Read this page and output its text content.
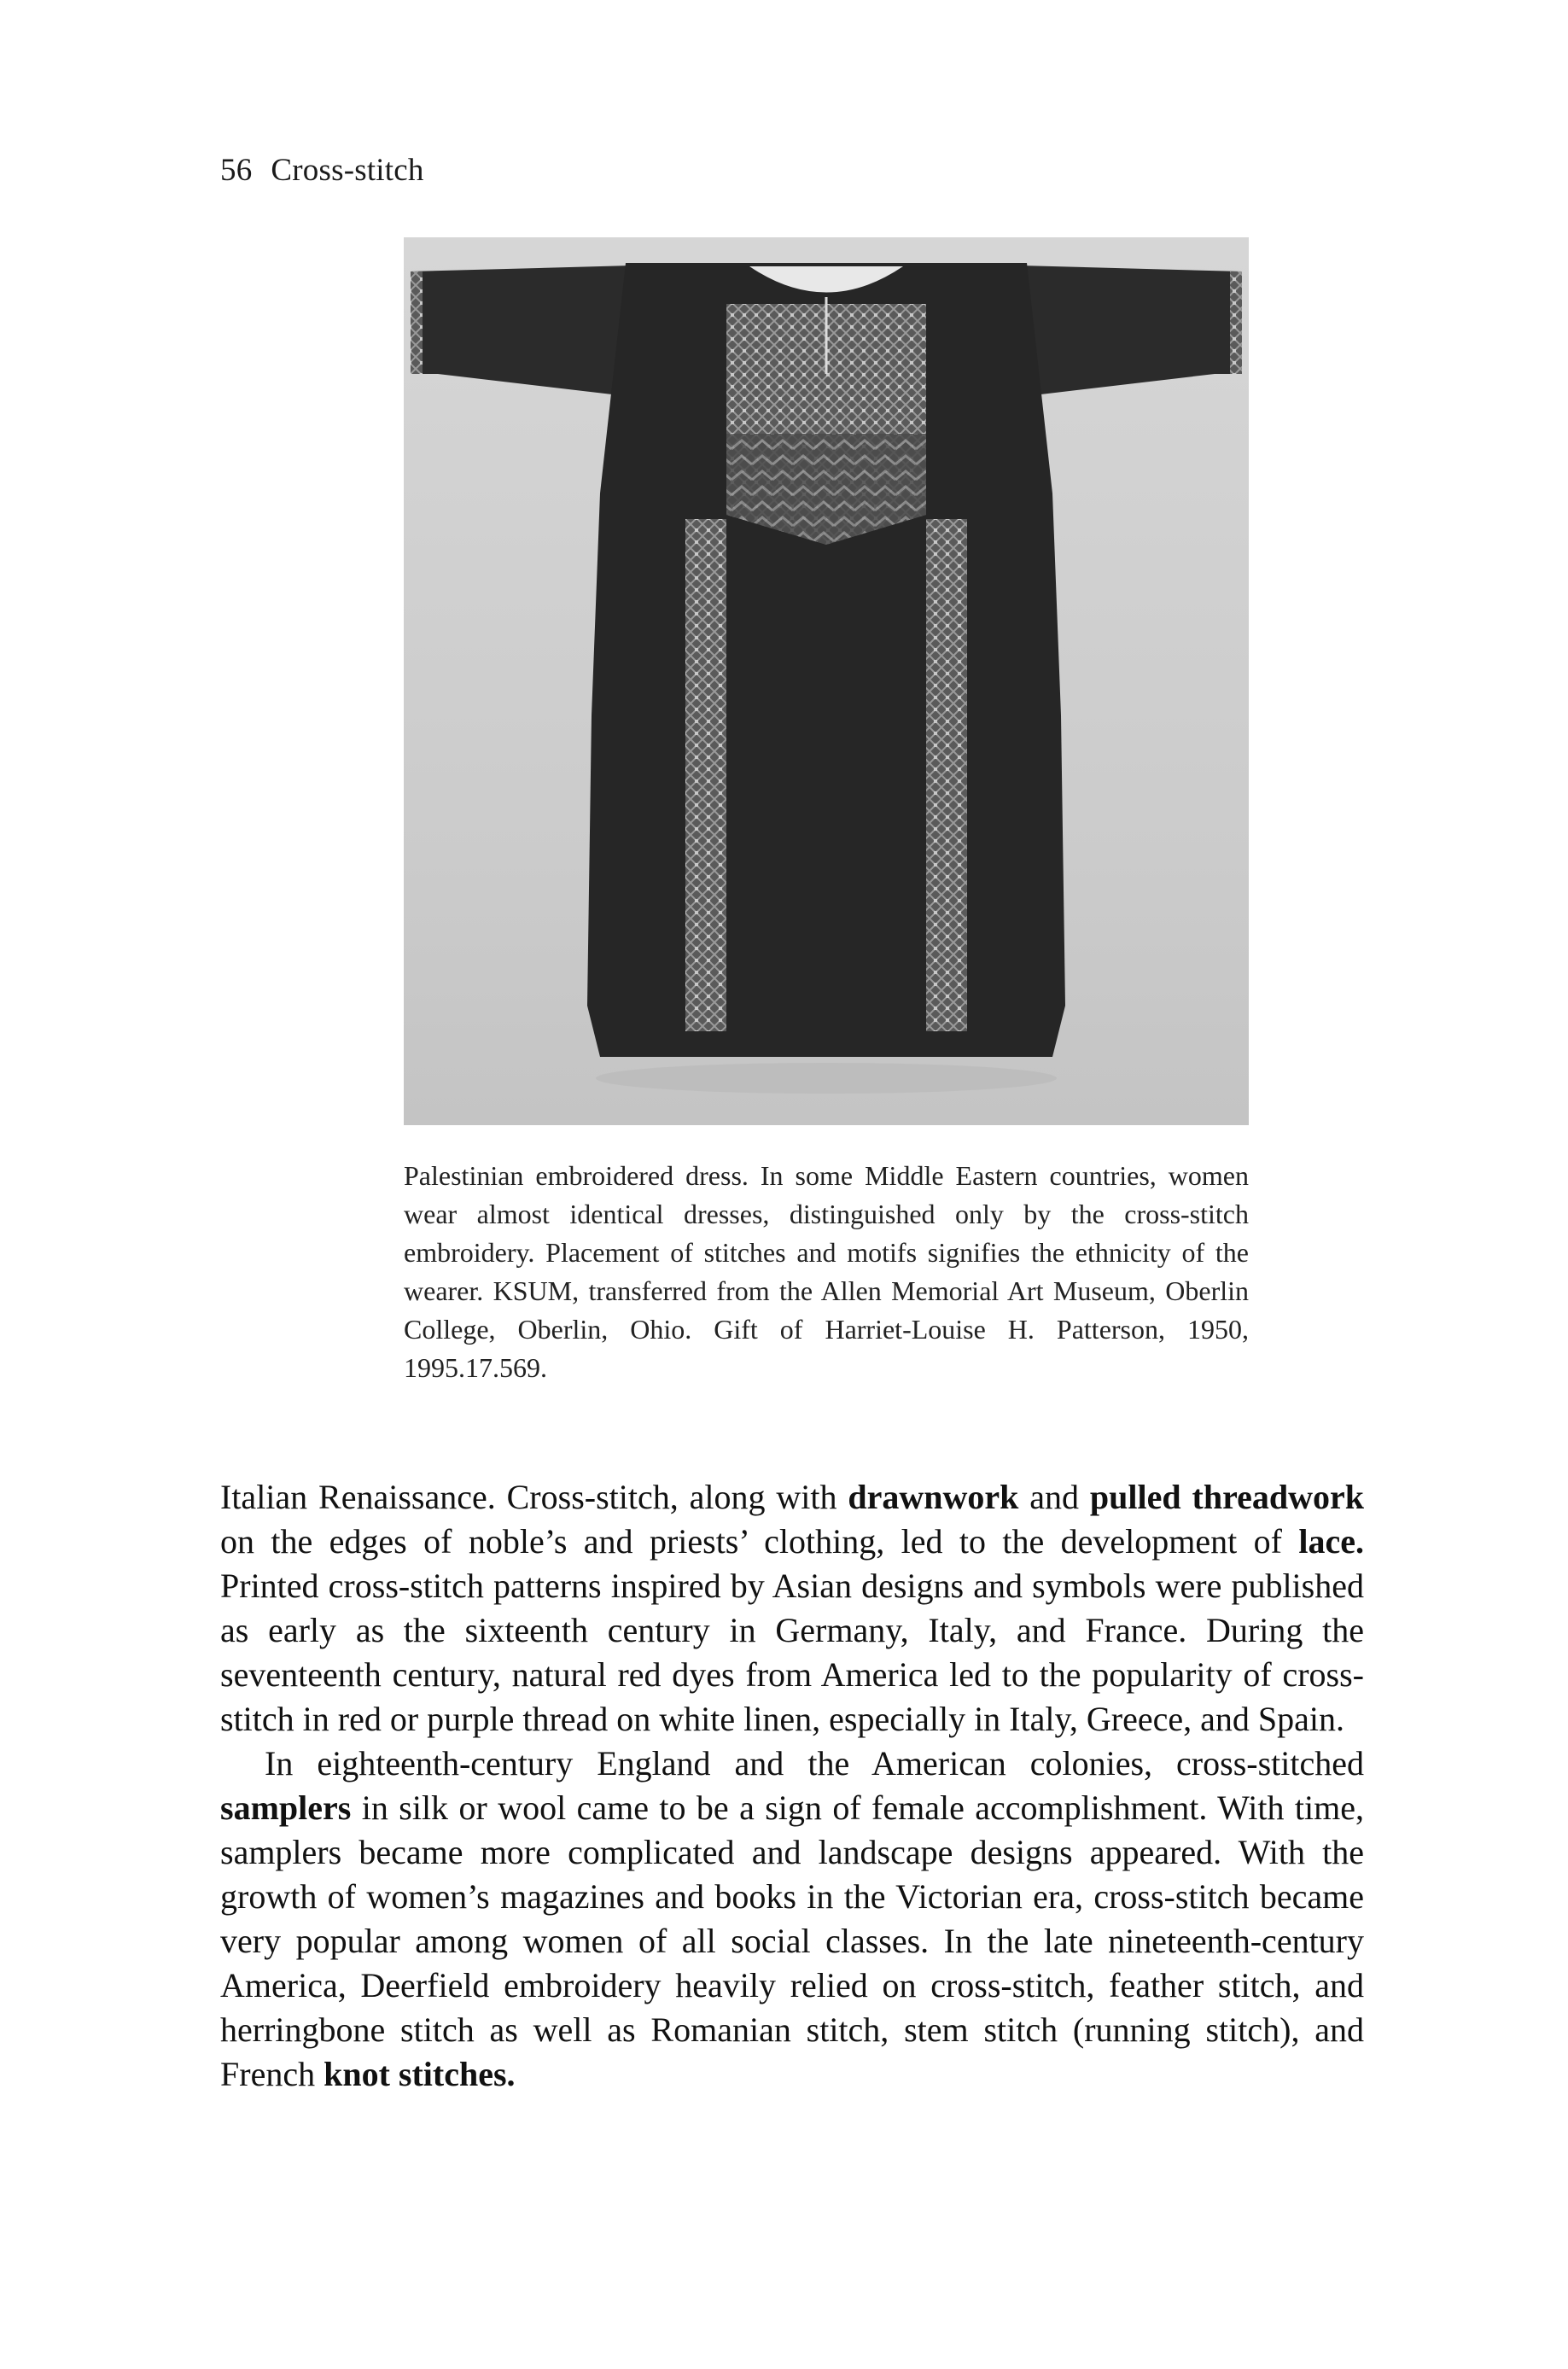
56 Cross-stitch
Palestinian embroidered dress. In some Middle Eastern countries, women wear almost identical dresses, distinguished only by the cross-stitch embroidery. Placement of stitches and motifs signifies the ethnicity of the wearer. KSUM, transferred from the Allen Memorial Art Museum, Oberlin College, Oberlin, Ohio. Gift of Harriet-Louise H. Patterson, 1950, 1995.17.569.

Italian Renaissance. Cross-stitch, along with drawnwork and pulled threadwork on the edges of noble’s and priests’ clothing, led to the development of lace. Printed cross-stitch patterns inspired by Asian designs and symbols were published as early as the sixteenth century in Germany, Italy, and France. During the seventeenth century, natural red dyes from America led to the popularity of cross-stitch in red or purple thread on white linen, especially in Italy, Greece, and Spain.

In eighteenth-century England and the American colonies, cross-stitched samplers in silk or wool came to be a sign of female accomplishment. With time, samplers became more complicated and landscape designs appeared. With the growth of women’s magazines and books in the Victorian era, cross-stitch became very popular among women of all social classes. In the late nineteenth-century America, Deerfield embroidery heavily relied on cross-stitch, feather stitch, and herringbone stitch as well as Romanian stitch, stem stitch (running stitch), and French knot stitches.
